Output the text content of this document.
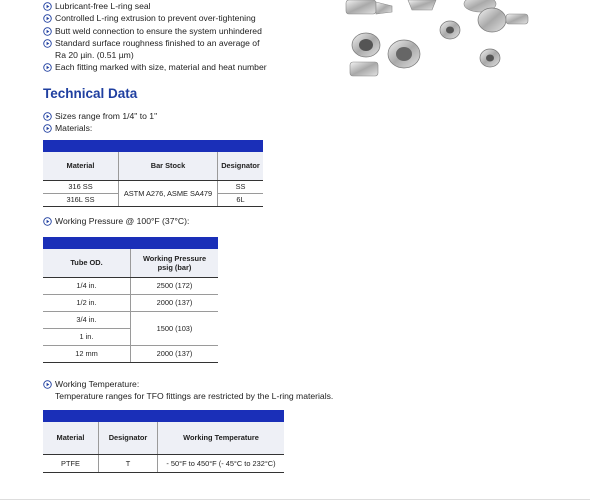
Lubricant-free L-ring seal
Controlled L-ring extrusion to prevent over-tightening
Butt weld connection to ensure the system unhindered
Standard surface roughness finished to an average of
Ra 20 µin. (0.51 µm)
Each fitting marked with size, material and heat number
Technical Data
Sizes range from 1/4" to 1"
Materials:

Material	Bar Stock	Designator
316 SS	ASTM A276, ASME SA479	SS
316L SS		6L
Working Pressure @ 100°F (37°C):

Tube OD.	Working Pressure
psig (bar)
1/4 in.	2500 (172)
1/2 in.	2000 (137)
3/4 in.	1500 (103)
1 in.	
12 mm	2000 (137)
Working Temperature:
Temperature ranges for TFO fittings are restricted by the L-ring materials.

Material	Designator	Working Temperature
PTFE	T	- 50°F to 450°F (- 45°C to 232°C)
